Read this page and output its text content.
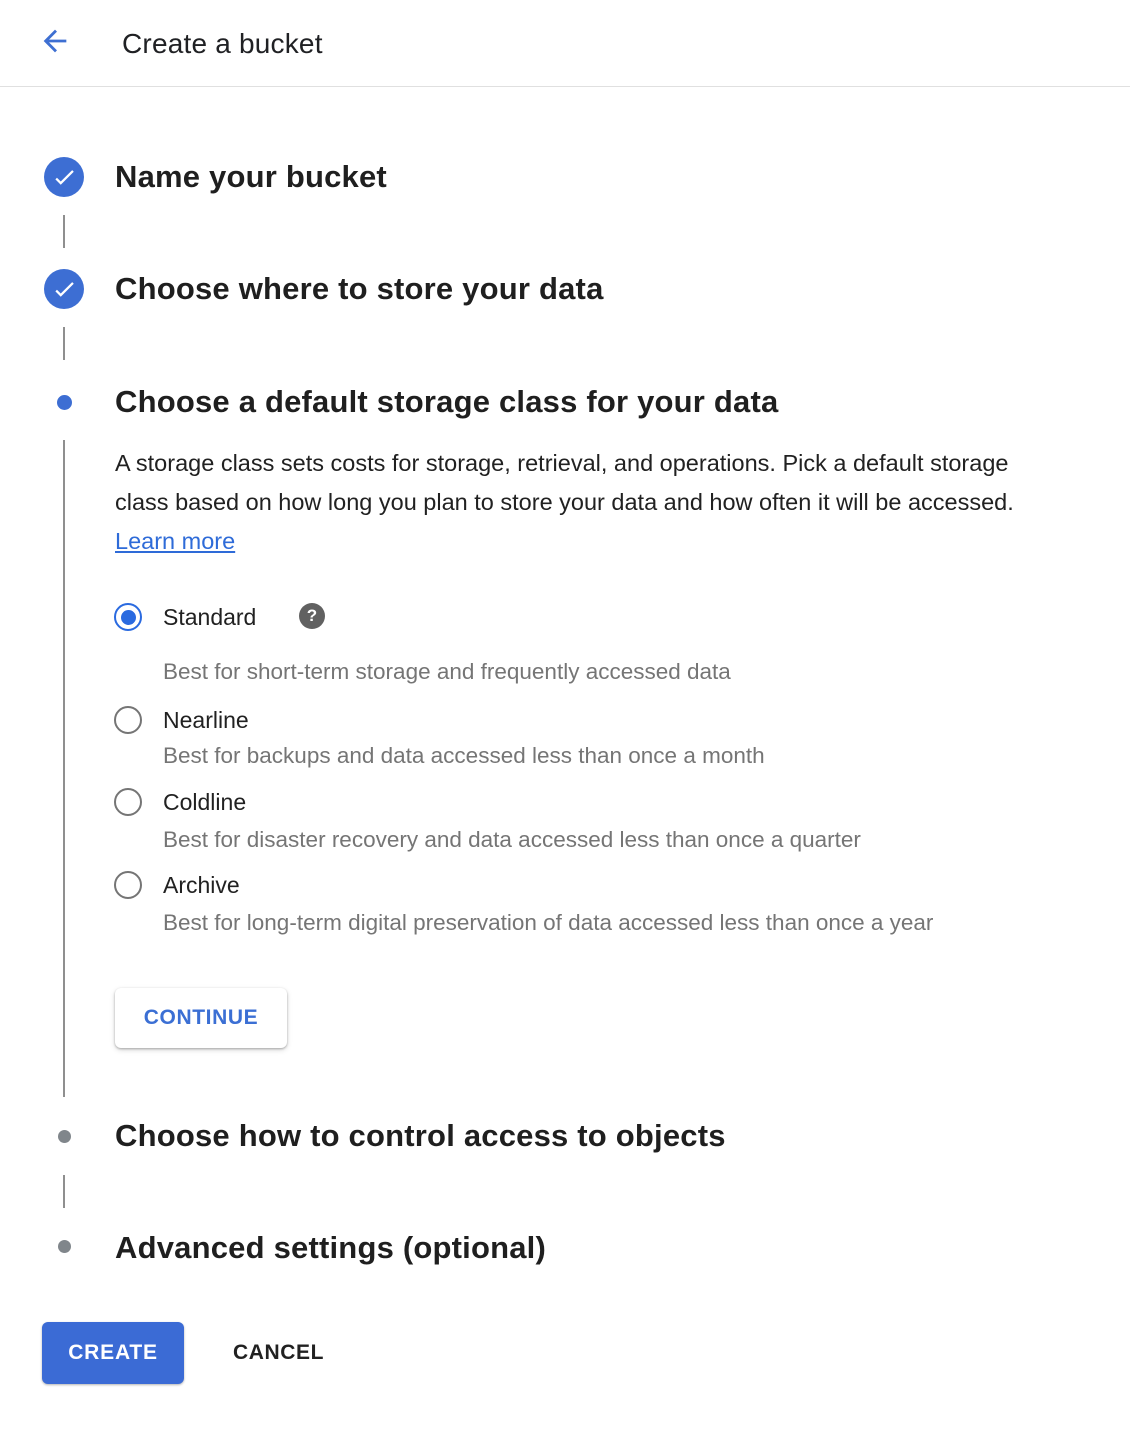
Create a bucket
Name your bucket
Choose where to store your data
Choose a default storage class for your data
A storage class sets costs for storage, retrieval, and operations. Pick a default storage class based on how long you plan to store your data and how often it will be accessed. Learn more
Standard	?
Best for short-term storage and frequently accessed data
Nearline
Best for backups and data accessed less than once a month
Coldline
Best for disaster recovery and data accessed less than once a quarter
Archive
Best for long-term digital preservation of data accessed less than once a year
CONTINUE
Choose how to control access to objects
Advanced settings (optional)
CREATE	CANCEL
